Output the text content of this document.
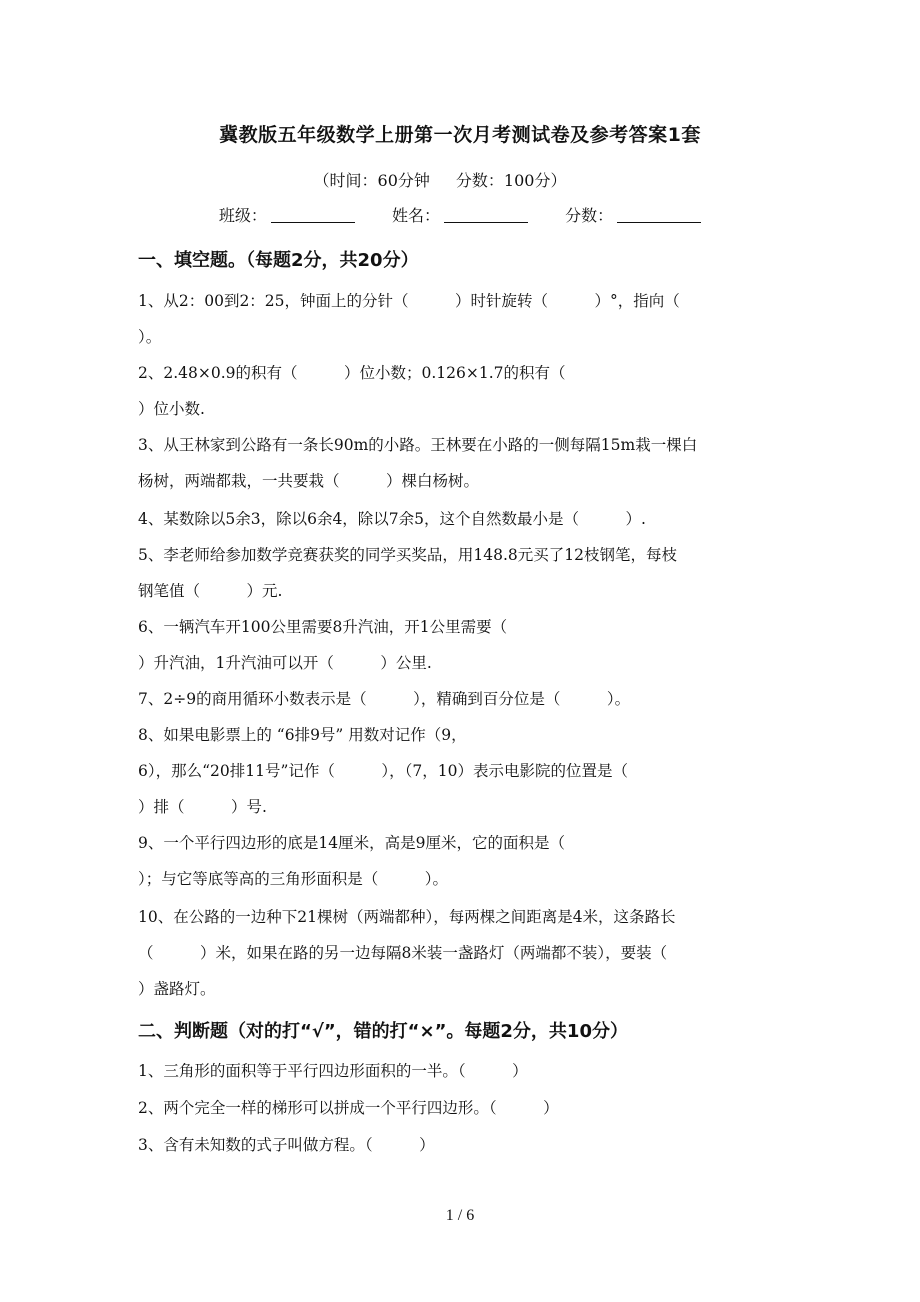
冀教版五年级数学上册第一次月考测试卷及参考答案1套
（时间：60分钟 分数：100分）
班级：	姓名：	分数：
一、填空题。（每题2分，共20分）
1、从2：00到2：25，钟面上的分针（　　　）时针旋转（　　　）°，指向（
）。
2、2.48×0.9的积有（　　　）位小数；0.126×1.7的积有（
）位小数.
3、从王林家到公路有一条长90m的小路。王林要在小路的一侧每隔15m栽一棵白
杨树，两端都栽，一共要栽（　　　）棵白杨树。
4、某数除以5余3，除以6余4，除以7余5，这个自然数最小是（　　　）.
5、李老师给参加数学竞赛获奖的同学买奖品，用148.8元买了12枝钢笔，每枝
钢笔值（　　　）元.
6、一辆汽车开100公里需要8升汽油，开1公里需要（
）升汽油，1升汽油可以开（　　　）公里.
7、2÷9的商用循环小数表示是（　　　），精确到百分位是（　　　）。
8、如果电影票上的 “6排9号” 用数对记作（9，
6），那么“20排11号”记作（　　　），（7，10）表示电影院的位置是（
）排（　　　）号.
9、一个平行四边形的底是14厘米，高是9厘米，它的面积是（
）；与它等底等高的三角形面积是（　　　）。
10、在公路的一边种下21棵树（两端都种），每两棵之间距离是4米，这条路长
（　　　）米，如果在路的另一边每隔8米装一盏路灯（两端都不装），要装（
）盏路灯。
二、判断题（对的打“√”，错的打“×”。每题2分，共10分）
1、三角形的面积等于平行四边形面积的一半。（　　　）
2、两个完全一样的梯形可以拼成一个平行四边形。（　　　）
3、含有未知数的式子叫做方程。（　　　）
1 / 6
